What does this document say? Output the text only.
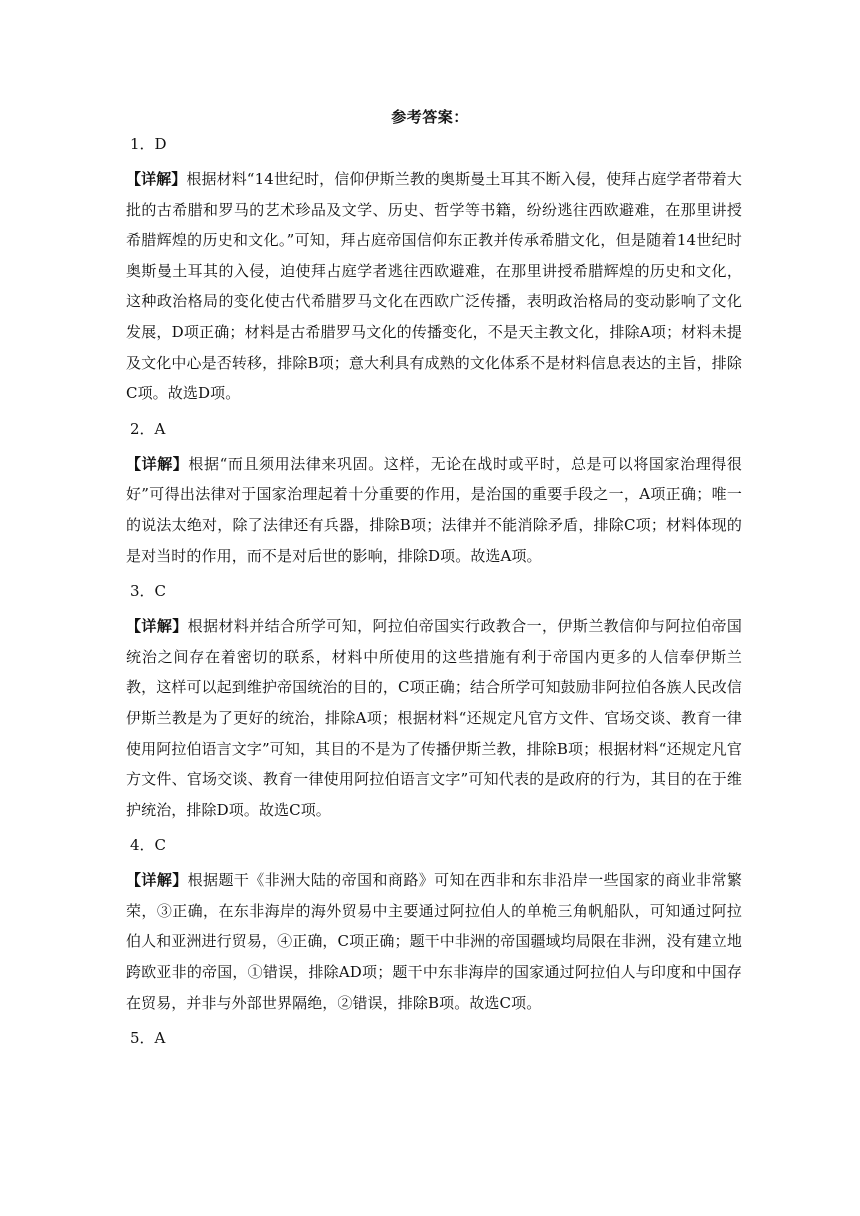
参考答案：
1．D
【详解】根据材料“14世纪时，信仰伊斯兰教的奥斯曼土耳其不断入侵，使拜占庭学者带着大批的古希腊和罗马的艺术珍品及文学、历史、哲学等书籍，纷纷逃往西欧避难，在那里讲授希腊辉煌的历史和文化。”可知，拜占庭帝国信仰东正教并传承希腊文化，但是随着14世纪时奥斯曼土耳其的入侵，迫使拜占庭学者逃往西欧避难，在那里讲授希腊辉煌的历史和文化，这种政治格局的变化使古代希腊罗马文化在西欧广泛传播，表明政治格局的变动影响了文化发展，D项正确；材料是古希腊罗马文化的传播变化，不是天主教文化，排除A项；材料未提及文化中心是否转移，排除B项；意大利具有成熟的文化体系不是材料信息表达的主旨，排除C项。故选D项。
2．A
【详解】根据“而且须用法律来巩固。这样，无论在战时或平时，总是可以将国家治理得很好”可得出法律对于国家治理起着十分重要的作用，是治国的重要手段之一，A项正确；唯一的说法太绝对，除了法律还有兵器，排除B项；法律并不能消除矛盾，排除C项；材料体现的是对当时的作用，而不是对后世的影响，排除D项。故选A项。
3．C
【详解】根据材料并结合所学可知，阿拉伯帝国实行政教合一，伊斯兰教信仰与阿拉伯帝国统治之间存在着密切的联系，材料中所使用的这些措施有利于帝国内更多的人信奉伊斯兰教，这样可以起到维护帝国统治的目的，C项正确；结合所学可知鼓励非阿拉伯各族人民改信伊斯兰教是为了更好的统治，排除A项；根据材料“还规定凡官方文件、官场交谈、教育一律使用阿拉伯语言文字”可知，其目的不是为了传播伊斯兰教，排除B项；根据材料“还规定凡官方文件、官场交谈、教育一律使用阿拉伯语言文字”可知代表的是政府的行为，其目的在于维护统治，排除D项。故选C项。
4．C
【详解】根据题干《非洲大陆的帝国和商路》可知在西非和东非沿岸一些国家的商业非常繁荣，③正确，在东非海岸的海外贸易中主要通过阿拉伯人的单桅三角帆船队，可知通过阿拉伯人和亚洲进行贸易，④正确，C项正确；题干中非洲的帝国疆域均局限在非洲，没有建立地跨欧亚非的帝国，①错误，排除AD项；题干中东非海岸的国家通过阿拉伯人与印度和中国存在贸易，并非与外部世界隔绝，②错误，排除B项。故选C项。
5．A
